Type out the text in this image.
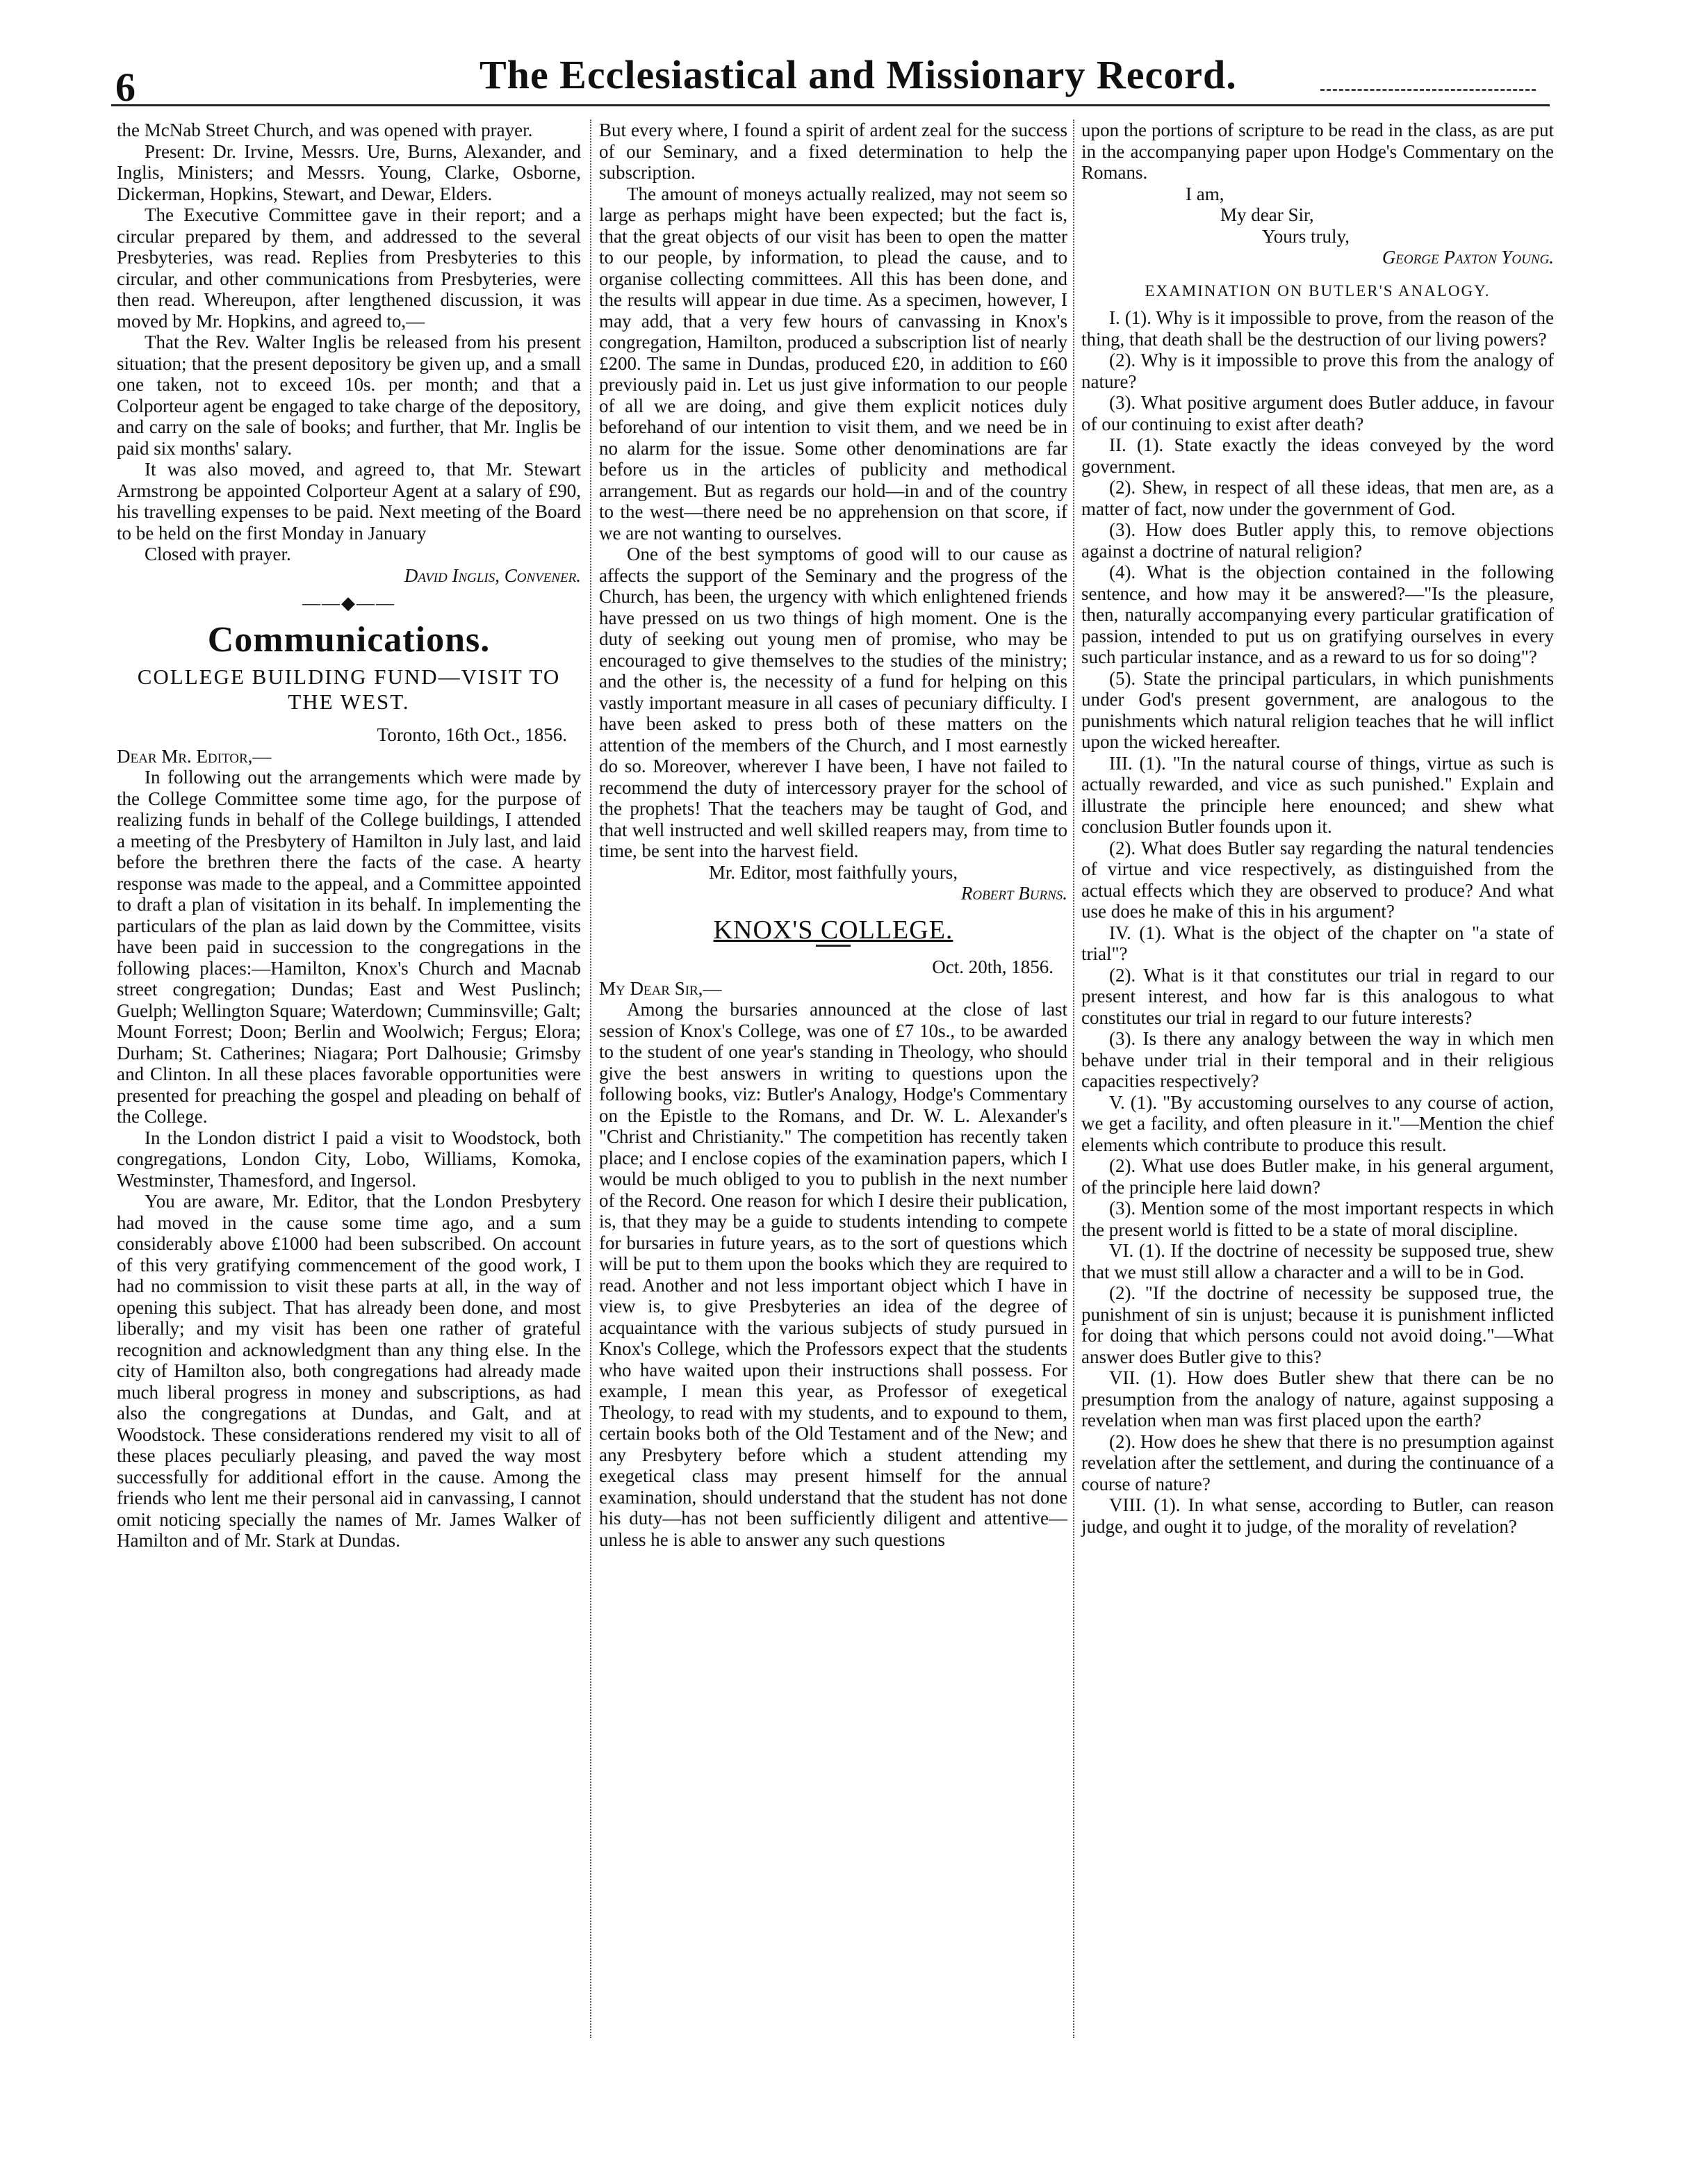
6	The Ecclesiastical and Missionary Record.

the McNab Street Church, and was opened with prayer.

Present: Dr. Irvine, Messrs. Ure, Burns, Alexander, and Inglis, Ministers; and Messrs. Young, Clarke, Osborne, Dickerman, Hopkins, Stewart, and Dewar, Elders.

The Executive Committee gave in their report; and a circular prepared by them, and addressed to the several Presbyteries, was read. Replies from Presbyteries to this circular, and other communications from Presbyteries, were then read. Whereupon, after lengthened discussion, it was moved by Mr. Hopkins, and agreed to,—

That the Rev. Walter Inglis be released from his present situation; that the present depository be given up, and a small one taken, not to exceed 10s. per month; and that a Colporteur agent be engaged to take charge of the depository, and carry on the sale of books; and further, that Mr. Inglis be paid six months' salary.

It was also moved, and agreed to, that Mr. Stewart Armstrong be appointed Colporteur Agent at a salary of £90, his travelling expenses to be paid. Next meeting of the Board to be held on the first Monday in January

Closed with prayer.

David Inglis, Convener.

——◆——
Communications.
COLLEGE BUILDING FUND—VISIT TO THE WEST.

Toronto, 16th Oct., 1856.

Dear Mr. Editor,—

In following out the arrangements which were made by the College Committee some time ago, for the purpose of realizing funds in behalf of the College buildings, I attended a meeting of the Presbytery of Hamilton in July last, and laid before the brethren there the facts of the case. A hearty response was made to the appeal, and a Committee appointed to draft a plan of visitation in its behalf. In implementing the particulars of the plan as laid down by the Committee, visits have been paid in succession to the congregations in the following places:—Hamilton, Knox's Church and Macnab street congregation; Dundas; East and West Puslinch; Guelph; Wellington Square; Waterdown; Cumminsville; Galt; Mount Forrest; Doon; Berlin and Woolwich; Fergus; Elora; Durham; St. Catherines; Niagara; Port Dalhousie; Grimsby and Clinton. In all these places favorable opportunities were presented for preaching the gospel and pleading on behalf of the College.

In the London district I paid a visit to Woodstock, both congregations, London City, Lobo, Williams, Komoka, Westminster, Thamesford, and Ingersol.

You are aware, Mr. Editor, that the London Presbytery had moved in the cause some time ago, and a sum considerably above £1000 had been subscribed. On account of this very gratifying commencement of the good work, I had no commission to visit these parts at all, in the way of opening this subject. That has already been done, and most liberally; and my visit has been one rather of grateful recognition and acknowledgment than any thing else. In the city of Hamilton also, both congregations had already made much liberal progress in money and subscriptions, as had also the congregations at Dundas, and Galt, and at Woodstock. These considerations rendered my visit to all of these places peculiarly pleasing, and paved the way most successfully for additional effort in the cause. Among the friends who lent me their personal aid in canvassing, I cannot omit noticing specially the names of Mr. James Walker of Hamilton and of Mr. Stark at Dundas.

But every where, I found a spirit of ardent zeal for the success of our Seminary, and a fixed determination to help the subscription.

The amount of moneys actually realized, may not seem so large as perhaps might have been expected; but the fact is, that the great objects of our visit has been to open the matter to our people, by information, to plead the cause, and to organise collecting committees. All this has been done, and the results will appear in due time. As a specimen, however, I may add, that a very few hours of canvassing in Knox's congregation, Hamilton, produced a subscription list of nearly £200. The same in Dundas, produced £20, in addition to £60 previously paid in. Let us just give information to our people of all we are doing, and give them explicit notices duly beforehand of our intention to visit them, and we need be in no alarm for the issue. Some other denominations are far before us in the articles of publicity and methodical arrangement. But as regards our hold—in and of the country to the west—there need be no apprehension on that score, if we are not wanting to ourselves.

One of the best symptoms of good will to our cause as affects the support of the Seminary and the progress of the Church, has been, the urgency with which enlightened friends have pressed on us two things of high moment. One is the duty of seeking out young men of promise, who may be encouraged to give themselves to the studies of the ministry; and the other is, the necessity of a fund for helping on this vastly important measure in all cases of pecuniary difficulty. I have been asked to press both of these matters on the attention of the members of the Church, and I most earnestly do so. Moreover, wherever I have been, I have not failed to recommend the duty of intercessory prayer for the school of the prophets! That the teachers may be taught of God, and that well instructed and well skilled reapers may, from time to time, be sent into the harvest field.

Mr. Editor, most faithfully yours,

Robert Burns.

KNOX'S COLLEGE.

Oct. 20th, 1856.

My Dear Sir,—

Among the bursaries announced at the close of last session of Knox's College, was one of £7 10s., to be awarded to the student of one year's standing in Theology, who should give the best answers in writing to questions upon the following books, viz: Butler's Analogy, Hodge's Commentary on the Epistle to the Romans, and Dr. W. L. Alexander's "Christ and Christianity." The competition has recently taken place; and I enclose copies of the examination papers, which I would be much obliged to you to publish in the next number of the Record. One reason for which I desire their publication, is, that they may be a guide to students intending to compete for bursaries in future years, as to the sort of questions which will be put to them upon the books which they are required to read. Another and not less important object which I have in view is, to give Presbyteries an idea of the degree of acquaintance with the various subjects of study pursued in Knox's College, which the Professors expect that the students who have waited upon their instructions shall possess. For example, I mean this year, as Professor of exegetical Theology, to read with my students, and to expound to them, certain books both of the Old Testament and of the New; and any Presbytery before which a student attending my exegetical class may present himself for the annual examination, should understand that the student has not done his duty—has not been sufficiently diligent and attentive—unless he is able to answer any such questions

upon the portions of scripture to be read in the class, as are put in the accompanying paper upon Hodge's Commentary on the Romans.

I am,

My dear Sir,

Yours truly,

George Paxton Young.

EXAMINATION ON BUTLER'S ANALOGY.

I. (1). Why is it impossible to prove, from the reason of the thing, that death shall be the destruction of our living powers?

(2). Why is it impossible to prove this from the analogy of nature?

(3). What positive argument does Butler adduce, in favour of our continuing to exist after death?

II. (1). State exactly the ideas conveyed by the word government.

(2). Shew, in respect of all these ideas, that men are, as a matter of fact, now under the government of God.

(3). How does Butler apply this, to remove objections against a doctrine of natural religion?

(4). What is the objection contained in the following sentence, and how may it be answered?—"Is the pleasure, then, naturally accompanying every particular gratification of passion, intended to put us on gratifying ourselves in every such particular instance, and as a reward to us for so doing"?

(5). State the principal particulars, in which punishments under God's present government, are analogous to the punishments which natural religion teaches that he will inflict upon the wicked hereafter.

III. (1). "In the natural course of things, virtue as such is actually rewarded, and vice as such punished." Explain and illustrate the principle here enounced; and shew what conclusion Butler founds upon it.

(2). What does Butler say regarding the natural tendencies of virtue and vice respectively, as distinguished from the actual effects which they are observed to produce? And what use does he make of this in his argument?

IV. (1). What is the object of the chapter on "a state of trial"?

(2). What is it that constitutes our trial in regard to our present interest, and how far is this analogous to what constitutes our trial in regard to our future interests?

(3). Is there any analogy between the way in which men behave under trial in their temporal and in their religious capacities respectively?

V. (1). "By accustoming ourselves to any course of action, we get a facility, and often pleasure in it."—Mention the chief elements which contribute to produce this result.

(2). What use does Butler make, in his general argument, of the principle here laid down?

(3). Mention some of the most important respects in which the present world is fitted to be a state of moral discipline.

VI. (1). If the doctrine of necessity be supposed true, shew that we must still allow a character and a will to be in God.

(2). "If the doctrine of necessity be supposed true, the punishment of sin is unjust; because it is punishment inflicted for doing that which persons could not avoid doing."—What answer does Butler give to this?

VII. (1). How does Butler shew that there can be no presumption from the analogy of nature, against supposing a revelation when man was first placed upon the earth?

(2). How does he shew that there is no presumption against revelation after the settlement, and during the continuance of a course of nature?

VIII. (1). In what sense, according to Butler, can reason judge, and ought it to judge, of the morality of revelation?
